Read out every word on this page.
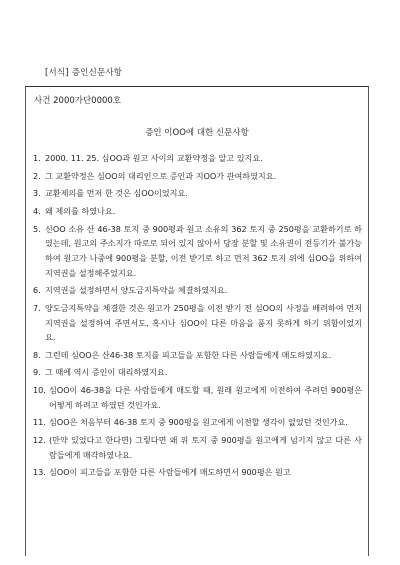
[서식] 증인신문사항
사건 2000가단0000호
증인 이OO에 대한 신문사항
1. 2000. 11. 25. 심OO과 원고 사이의 교환약정을 알고 있지요.
2. 그 교환약정은 심OO의 대리인으로 증인과 지OO가 관여하였지요.
3. 교환제의를 먼저 한 것은 심OO이었지요.
4. 왜 제의를 하였나요.
5. 신OO 소유 산 46-38 토지 중 900평과 원고 소유의 362 토지 중 250평을 교환하기로 하였는데, 원고의 주소지가 따로로 되어 있지 않아서 당장 분할 및 소유권이 전등기가 불가능하여 원고가 나중에 900평을 분할, 이전 받기로 하고 먼저 362 토지 위에 심OO을 위하여 지역권을 설정해주었지요.
6. 지역권을 설정하면서 양도금지특약을 체결하였지요.
7. 양도금지특약을 체결한 것은 원고가 250평을 이전 받기 전 심OO의 사정을 배려하여 먼저 지역권을 설정하여 주면서도, 혹시나 심OO이 다른 마음을 품지 못하게 하기 위함이었지요.
8. 그런데 심OO은 산46-38 토지를 피고들을 포함한 다른 사람들에게 매도하였지요.
9. 그 때에 역시 증인이 대리하였지요.
10. 심OO이 46-38을 다른 사람들에게 매도할 때, 원래 원고에게 이전하여 주려던 900평은 어떻게 하려고 하였던 것인가요.
11. 심OO은 처음부터 46-38 토지 중 900평을 원고에게 이전할 생각이 없었던 것인가요.
12. (만약 있었다고 한다면) 그렇다면 왜 위 토지 중 900평을 원고에게 넘기지 않고 다른 사람들에게 매각하였나요.
13. 심OO이 피고들을 포함한 다른 사람들에게 매도하면서 900평은 원고
